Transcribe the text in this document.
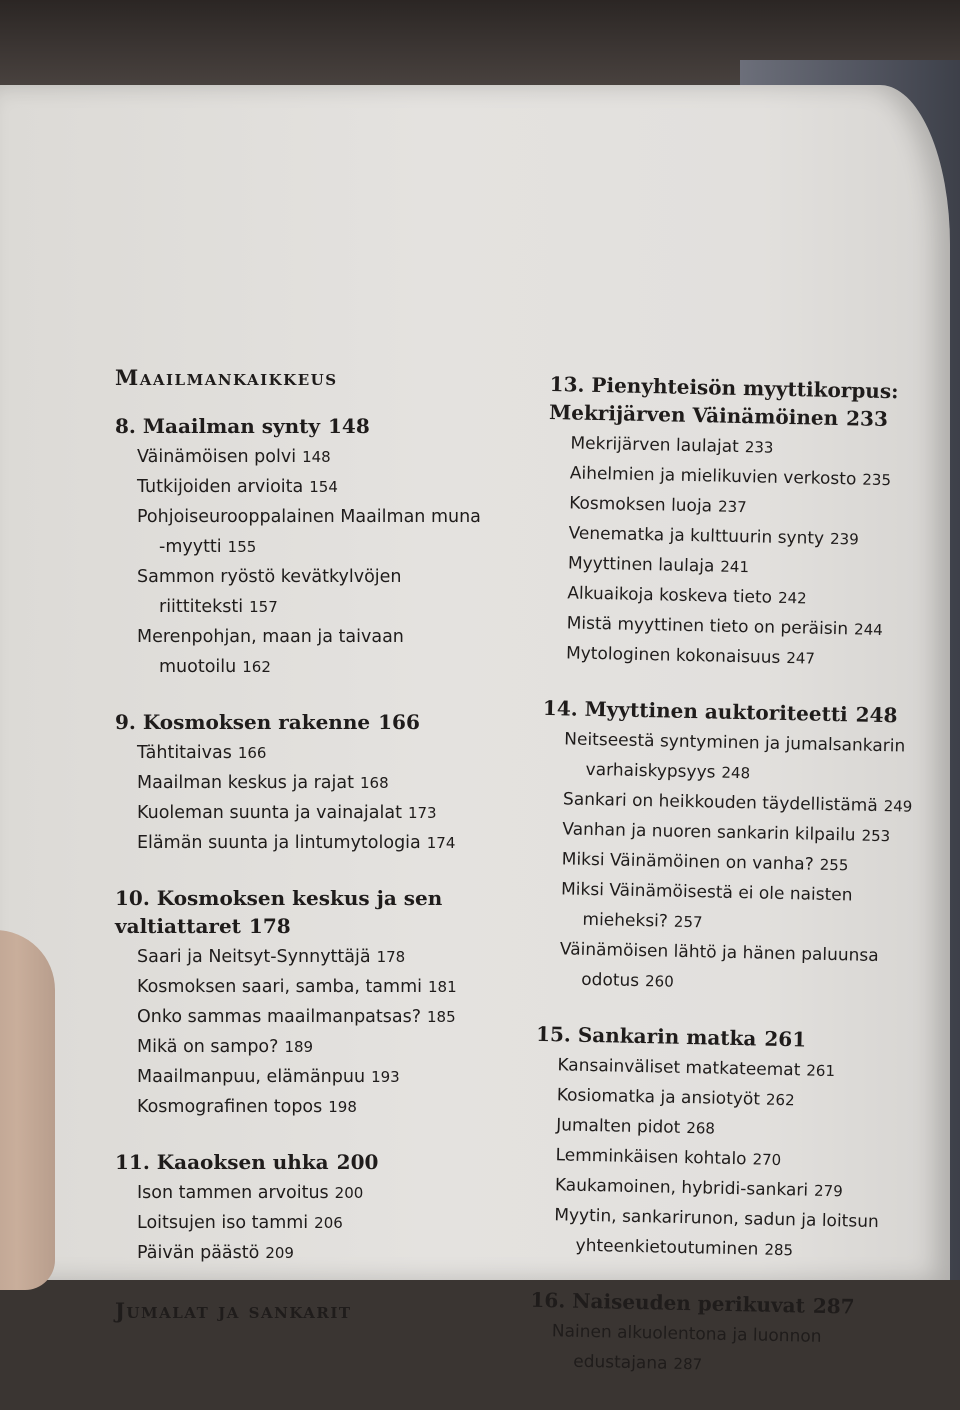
Maailmankaikkeus
8. Maailman synty 148
Väinämöisen polvi 148
Tutkijoiden arvioita 154
Pohjoiseurooppalainen Maailman muna
-myytti 155
Sammon ryöstö kevätkylvöjen
riittiteksti 157
Merenpohjan, maan ja taivaan
muotoilu 162
9. Kosmoksen rakenne 166
Tähtitaivas 166
Maailman keskus ja rajat 168
Kuoleman suunta ja vainajalat 173
Elämän suunta ja lintumytologia 174
10. Kosmoksen keskus ja sen valtiattaret 178
Saari ja Neitsyt-Synnyttäjä 178
Kosmoksen saari, samba, tammi 181
Onko sammas maailmanpatsas? 185
Mikä on sampo? 189
Maailmanpuu, elämänpuu 193
Kosmografinen topos 198
11. Kaaoksen uhka 200
Ison tammen arvoitus 200
Loitsujen iso tammi 206
Päivän päästö 209
Jumalat ja sankarit
13. Pienyhteisön myyttikorpus: Mekrijärven Väinämöinen 233
Mekrijärven laulajat 233
Aihelmien ja mielikuvien verkosto 235
Kosmoksen luoja 237
Venematka ja kulttuurin synty 239
Myyttinen laulaja 241
Alkuaikoja koskeva tieto 242
Mistä myyttinen tieto on peräisin 244
Mytologinen kokonaisuus 247
14. Myyttinen auktoriteetti 248
Neitseestä syntyminen ja jumalsankarin
varhaiskypsyys 248
Sankari on heikkouden täydellistämä 249
Vanhan ja nuoren sankarin kilpailu 253
Miksi Väinämöinen on vanha? 255
Miksi Väinämöisestä ei ole naisten
mieheksi? 257
Väinämöisen lähtö ja hänen paluunsa
odotus 260
15. Sankarin matka 261
Kansainväliset matkateemat 261
Kosiomatka ja ansiotyöt 262
Jumalten pidot 268
Lemminkäisen kohtalo 270
Kaukamoinen, hybridi-sankari 279
Myytin, sankarirunon, sadun ja loitsun
yhteenkietoutuminen 285
16. Naiseuden perikuvat 287
Nainen alkuolentona ja luonnon
edustajana 287
